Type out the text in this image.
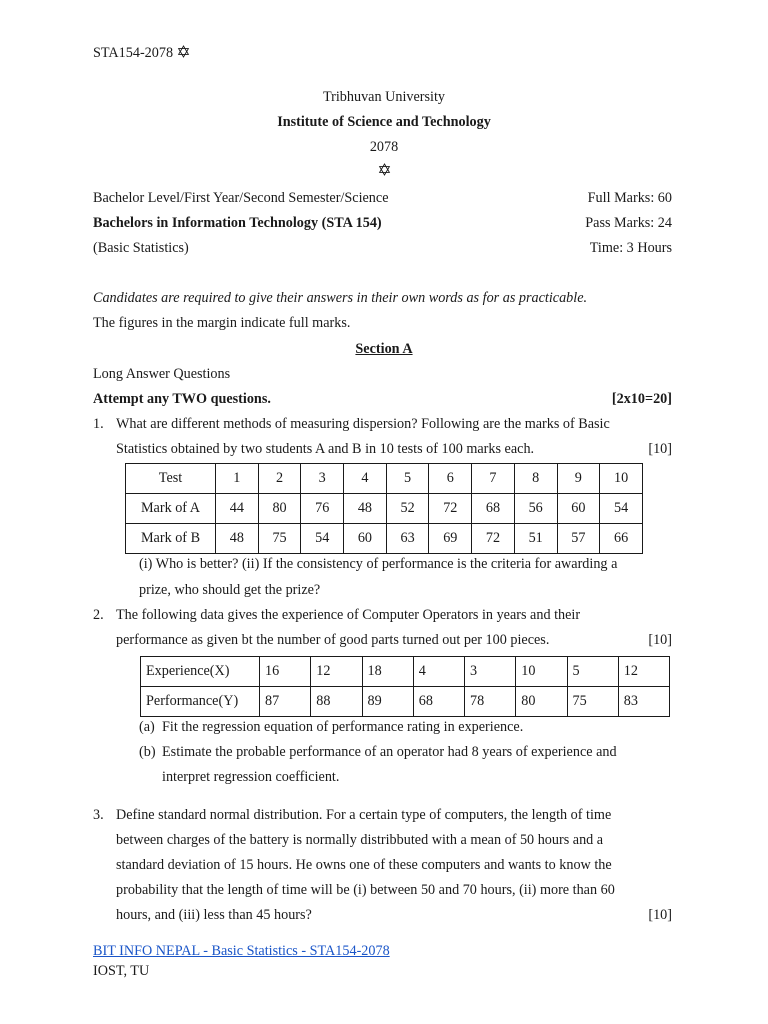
STA154-2078
Tribhuvan University
Institute of Science and Technology
2078
Bachelor Level/First Year/Second Semester/Science	Full Marks: 60
Bachelors in Information Technology (STA 154)	Pass Marks: 24
(Basic Statistics)	Time: 3 Hours
Candidates are required to give their answers in their own words as for as practicable.
The figures in the margin indicate full marks.
Section A
Long Answer Questions
Attempt any TWO questions.	[2x10=20]
1. What are different methods of measuring dispersion? Following are the marks of Basic
Statistics obtained by two students A and B in 10 tests of 100 marks each.	[10]
Test	1	2	3	4	5	6	7	8	9	10
Mark of A	44	80	76	48	52	72	68	56	60	54
Mark of B	48	75	54	60	63	69	72	51	57	66
(i) Who is better? (ii) If the consistency of performance is the criteria for awarding a
prize, who should get the prize?
2. The following data gives the experience of Computer Operators in years and their
performance as given bt the number of good parts turned out per 100 pieces.	[10]
Experience(X)	16	12	18	4	3	10	5	12
Performance(Y)	87	88	89	68	78	80	75	83
(a) Fit the regression equation of performance rating in experience.
(b) Estimate the probable performance of an operator had 8 years of experience and
interpret regression coefficient.
3. Define standard normal distribution. For a certain type of computers, the length of time
between charges of the battery is normally distribbuted with a mean of 50 hours and a
standard deviation of 15 hours. He owns one of these computers and wants to know the
probability that the length of time will be (i) between 50 and 70 hours, (ii) more than 60
hours, and (iii) less than 45 hours?	[10]
BIT INFO NEPAL - Basic Statistics - STA154-2078
IOST, TU
